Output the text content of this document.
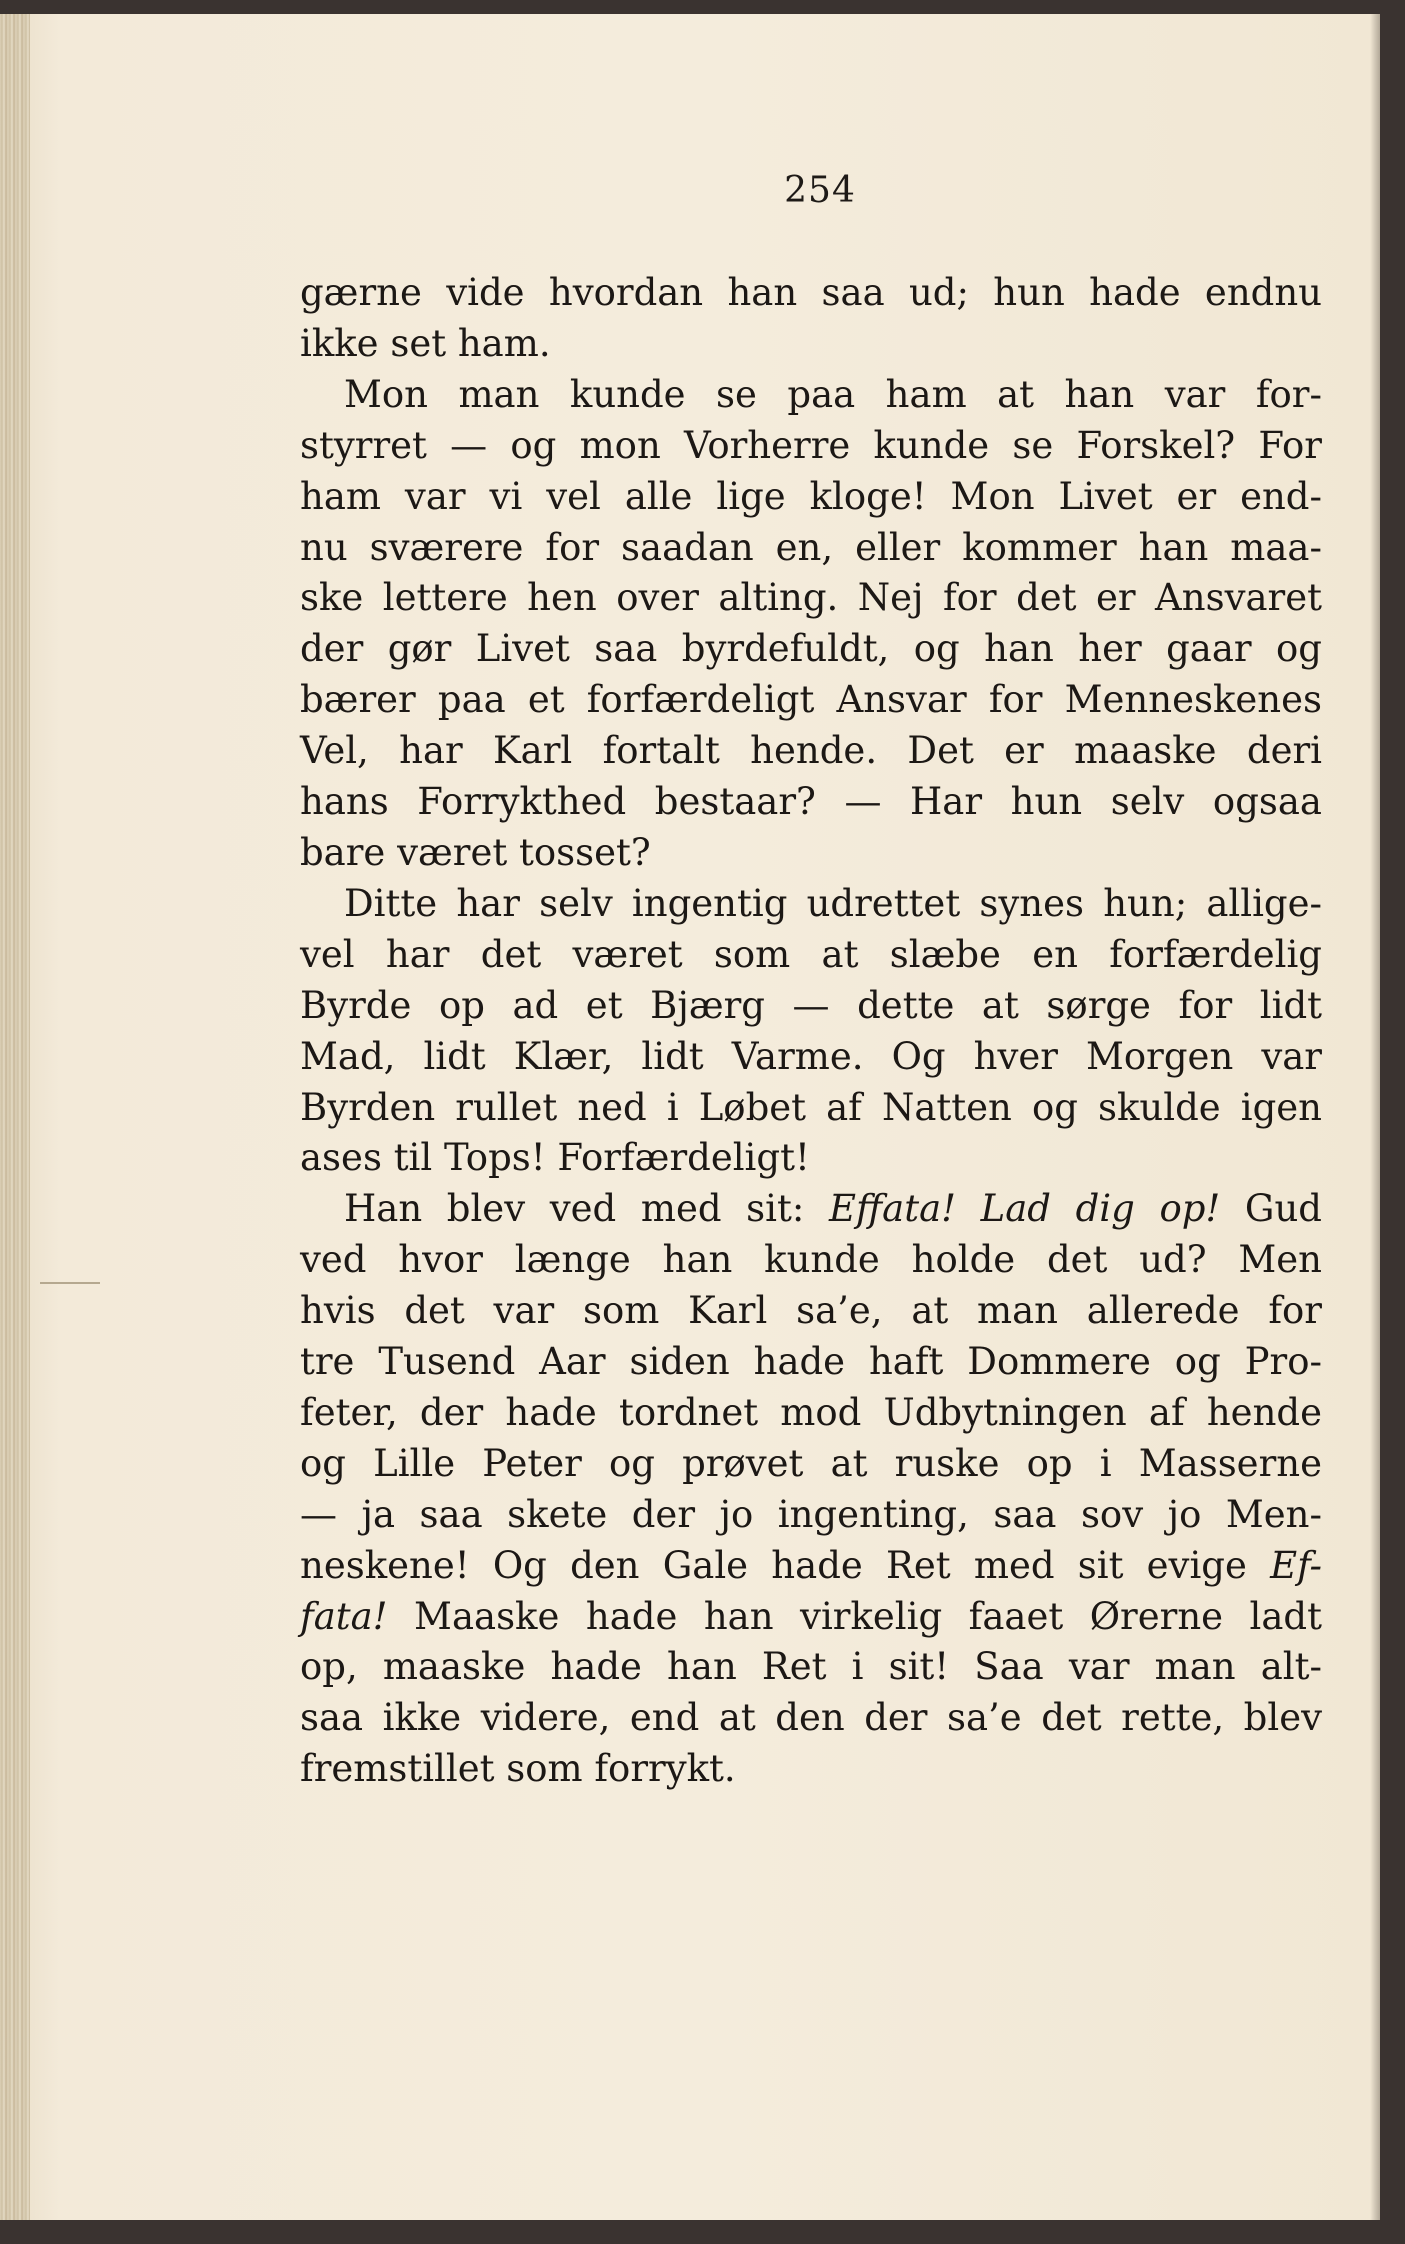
254
gærne vide hvordan han saa ud; hun hade endnu
ikke set ham.
Mon man kunde se paa ham at han var for-
styrret — og mon Vorherre kunde se Forskel? For
ham var vi vel alle lige kloge! Mon Livet er end-
nu sværere for saadan en, eller kommer han maa-
ske lettere hen over alting. Nej for det er Ansvaret
der gør Livet saa byrdefuldt, og han her gaar og
bærer paa et forfærdeligt Ansvar for Menneskenes
Vel, har Karl fortalt hende. Det er maaske deri
hans Forrykthed bestaar? — Har hun selv ogsaa
bare været tosset?
Ditte har selv ingentig udrettet synes hun; allige-
vel har det været som at slæbe en forfærdelig
Byrde op ad et Bjærg — dette at sørge for lidt
Mad, lidt Klær, lidt Varme. Og hver Morgen var
Byrden rullet ned i Løbet af Natten og skulde igen
ases til Tops! Forfærdeligt!
Han blev ved med sit: Effata! Lad dig op! Gud
ved hvor længe han kunde holde det ud? Men
hvis det var som Karl sa’e, at man allerede for
tre Tusend Aar siden hade haft Dommere og Pro-
feter, der hade tordnet mod Udbytningen af hende
og Lille Peter og prøvet at ruske op i Masserne
— ja saa skete der jo ingenting, saa sov jo Men-
neskene! Og den Gale hade Ret med sit evige Ef-
fata! Maaske hade han virkelig faaet Ørerne ladt
op, maaske hade han Ret i sit! Saa var man alt-
saa ikke videre, end at den der sa’e det rette, blev
fremstillet som forrykt.
